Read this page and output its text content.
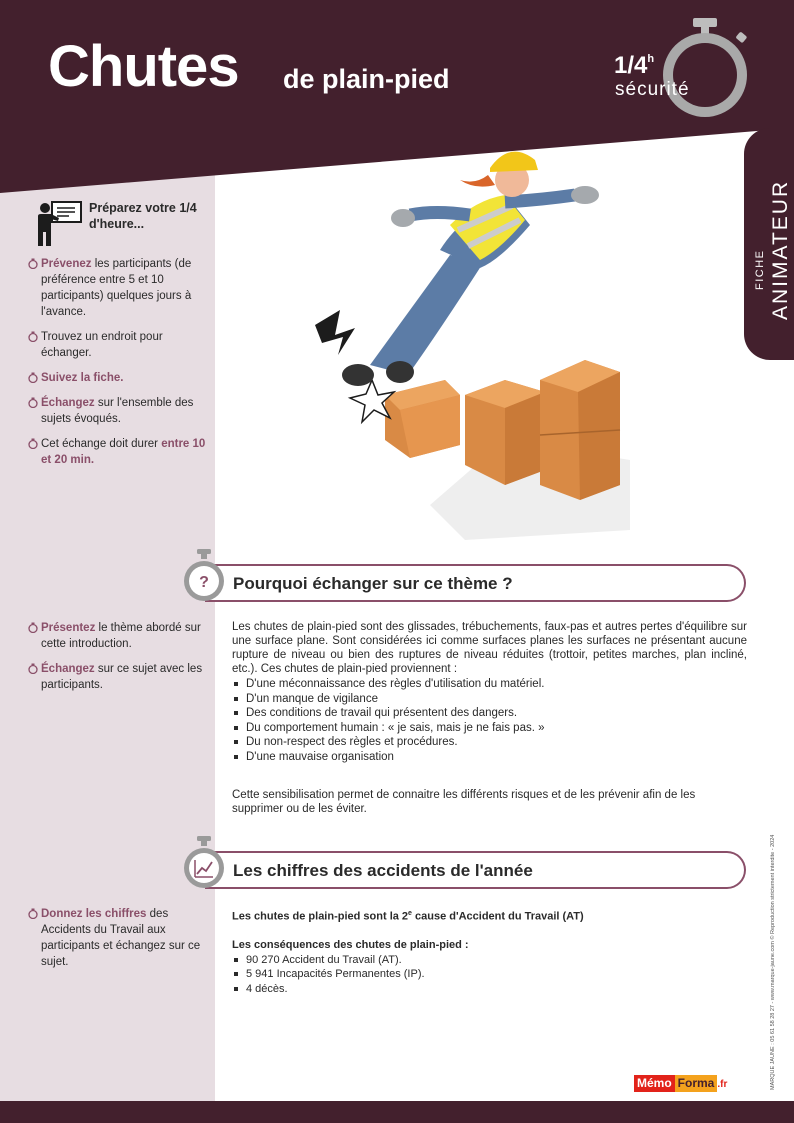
Chutes de plain-pied	1/4$^h$
sécurité
FICHE ANIMATEUR
Préparez votre 1/4 d'heure...
Prévenez les participants (de préférence entre 5 et 10 participants) quelques jours à l'avance.
Trouvez un endroit pour échanger.
Suivez la fiche.
Échangez sur l'ensemble des sujets évoqués.
Cet échange doit durer entre 10 et 20 min.
? Pourquoi échanger sur ce thème ?
Présentez le thème abordé sur cette introduction.
Échangez sur ce sujet avec les participants.

Les chutes de plain-pied sont des glissades, trébuchements, faux-pas et autres pertes d'équilibre sur une surface plane. Sont considérées ici comme surfaces planes les surfaces ne présentant aucune rupture de niveau ou bien des ruptures de niveau réduites (trottoir, petites marches, plan incliné, etc.). Ces chutes de plain-pied proviennent :

D'une méconnaissance des règles d'utilisation du matériel.
D'un manque de vigilance
Des conditions de travail qui présentent des dangers.
Du comportement humain : « je sais, mais je ne fais pas. »
Du non-respect des règles et procédures.
D'une mauvaise organisation

Cette sensibilisation permet de connaitre les différents risques et de les prévenir afin de les supprimer ou de les éviter.

Les chiffres des accidents de l'année
Donnez les chiffres des Accidents du Travail aux participants et échangez sur ce sujet.

Les chutes de plain-pied sont la 2e cause d'Accident du Travail (AT)

Les conséquences des chutes de plain-pied :

90 270 Accident du Travail (AT).
5 941 Incapacités Permanentes (IP).
4 décès.	MARQUE JAUNE : 05 61 58 28 27 - www.marque-jaune.com © Reproduction strictement interdite - 2024
Mémo Forma .fr
